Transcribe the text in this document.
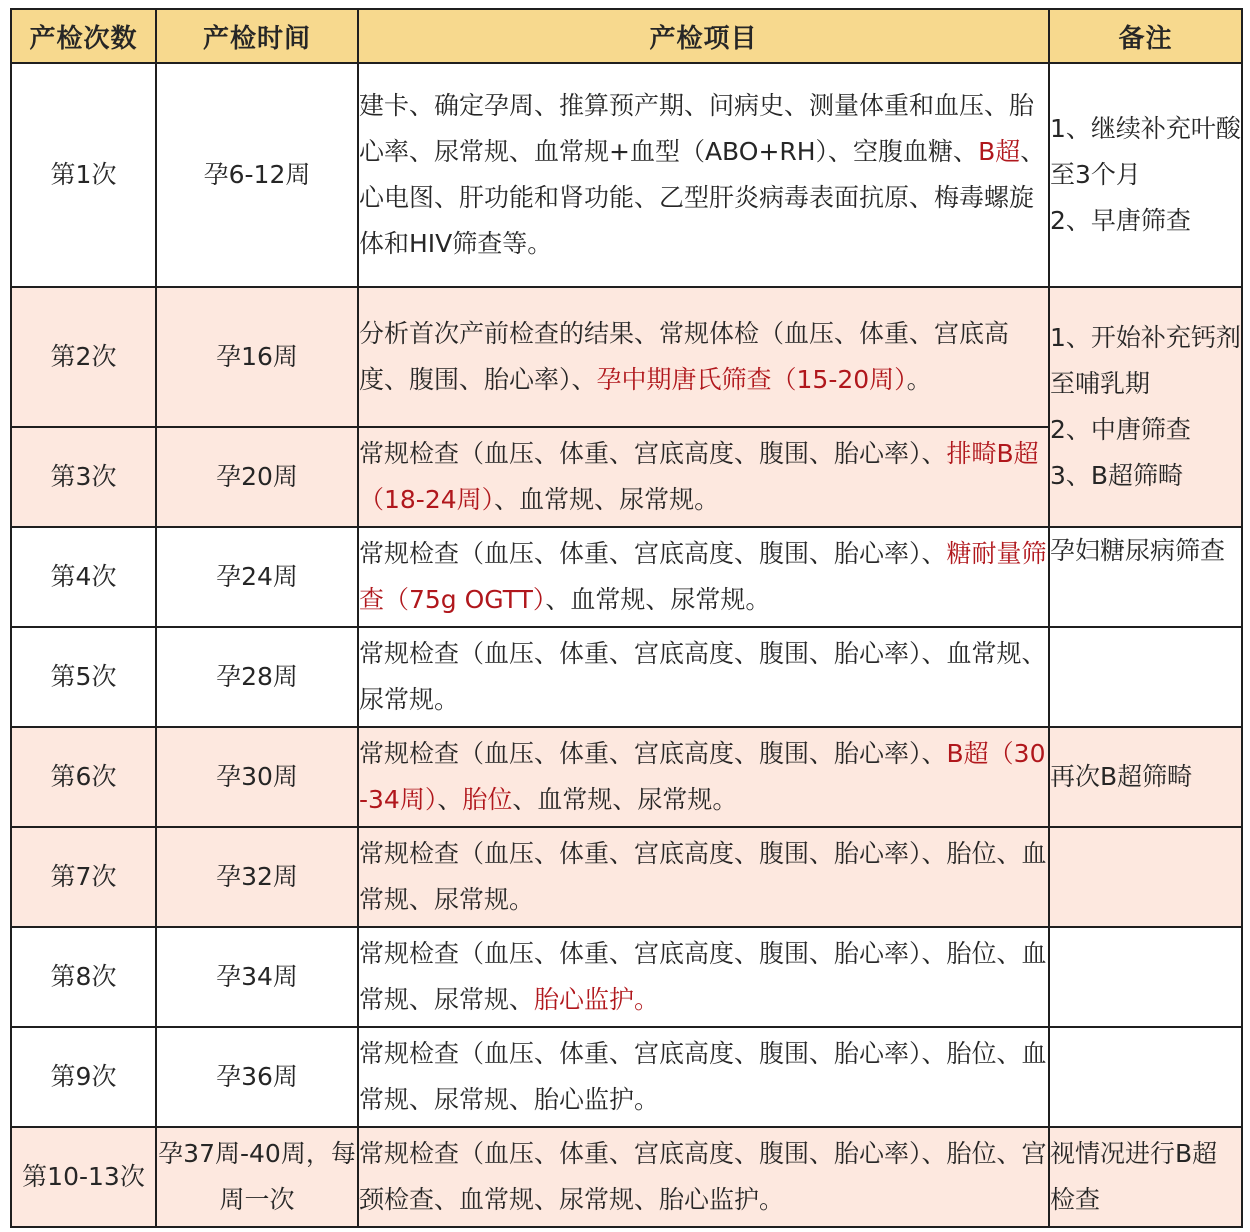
产检次数	产检时间	产检项目	备注
第1次	孕6-12周	建卡、确定孕周、推算预产期、问病史、测量体重和血压、胎心率、尿常规、血常规+血型（ABO+RH）、空腹血糖、B超、心电图、肝功能和肾功能、乙型肝炎病毒表面抗原、梅毒螺旋体和HIV筛查等。	1、继续补充叶酸至3个月
2、早唐筛查

第2次	孕16周	分析首次产前检查的结果、常规体检（血压、体重、宫底高度、腹围、胎心率）、孕中期唐氏筛查（15-20周）。	1、开始补充钙剂至哺乳期
2、中唐筛查
3、B超筛畸

第3次	孕20周	常规检查（血压、体重、宫底高度、腹围、胎心率）、排畸B超（18-24周）、血常规、尿常规。	
第4次	孕24周	常规检查（血压、体重、宫底高度、腹围、胎心率）、糖耐量筛查（75g OGTT）、血常规、尿常规。	孕妇糖尿病筛查

第5次	孕28周	常规检查（血压、体重、宫底高度、腹围、胎心率）、血常规、尿常规。	
第6次	孕30周	常规检查（血压、体重、宫底高度、腹围、胎心率）、B超（30-34周）、胎位、血常规、尿常规。	再次B超筛畸

第7次	孕32周	常规检查（血压、体重、宫底高度、腹围、胎心率）、胎位、血常规、尿常规。	
第8次	孕34周	常规检查（血压、体重、宫底高度、腹围、胎心率）、胎位、血常规、尿常规、胎心监护。	
第9次	孕36周	常规检查（血压、体重、宫底高度、腹围、胎心率）、胎位、血常规、尿常规、胎心监护。	
第10-13次	孕37周-40周，每周一次	常规检查（血压、体重、宫底高度、腹围、胎心率）、胎位、宫颈检查、血常规、尿常规、胎心监护。	视情况进行B超检查
